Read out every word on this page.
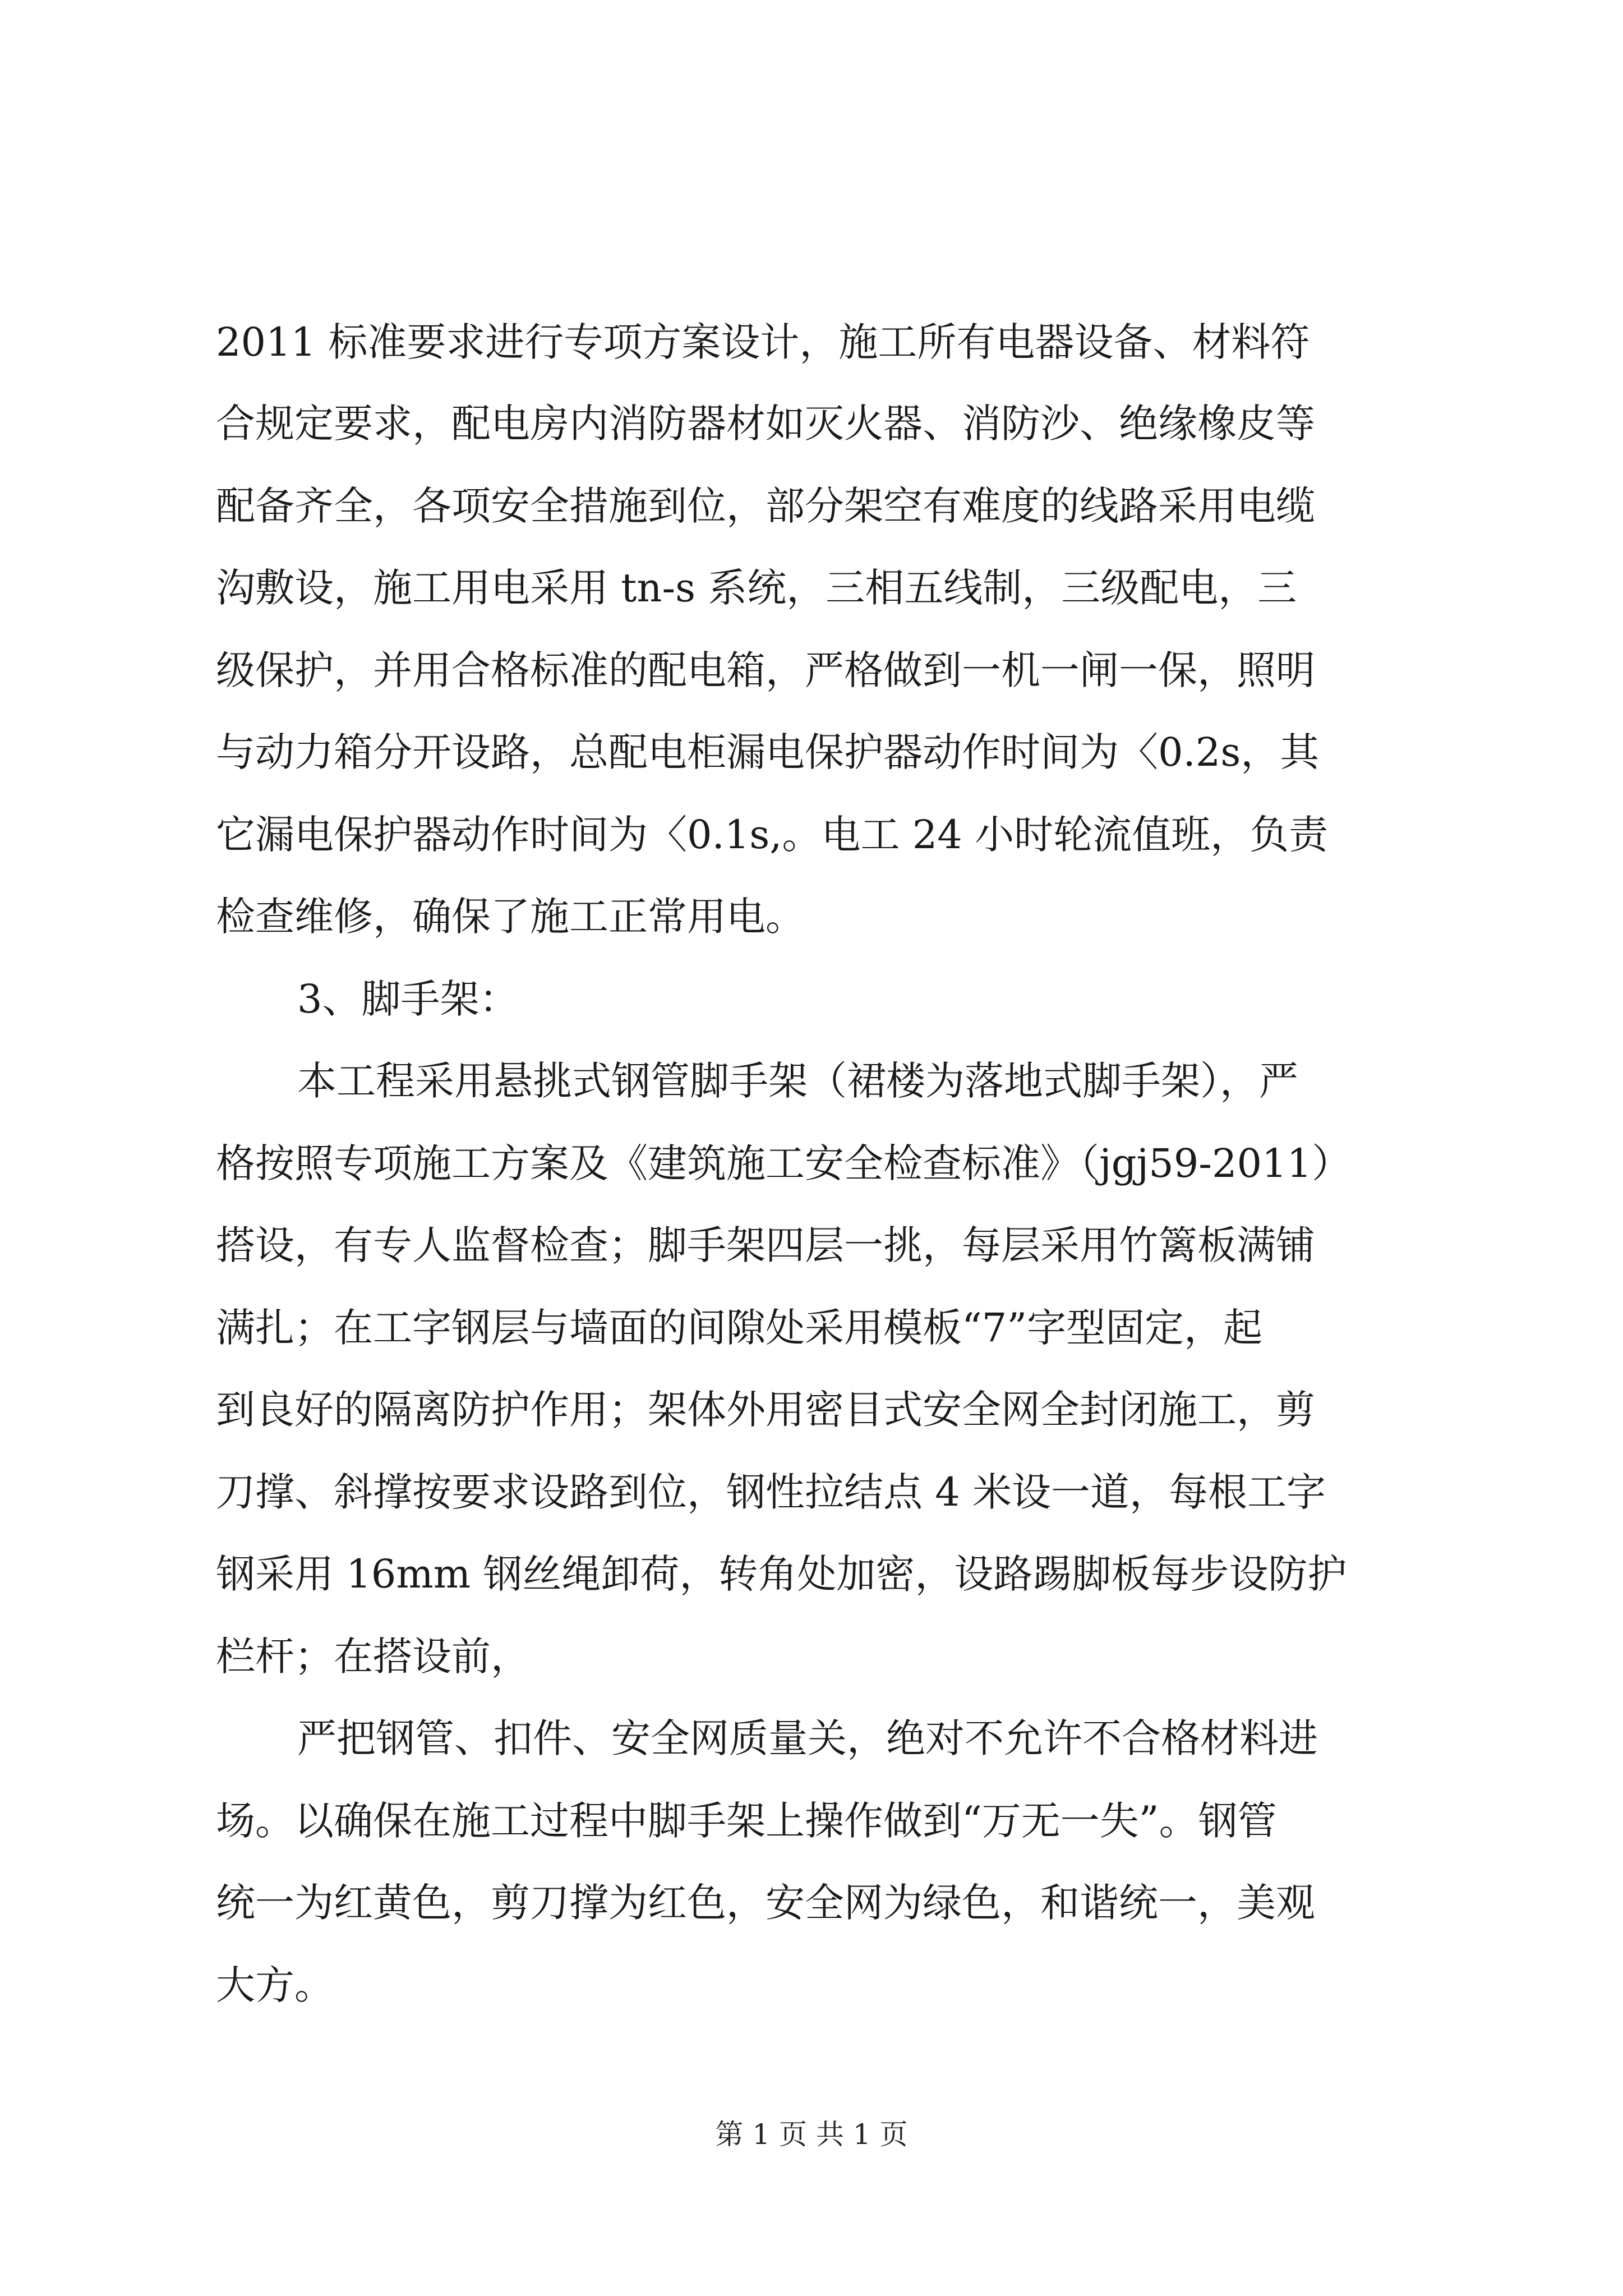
2011 标准要求进行专项方案设计，施工所有电器设备、材料符
合规定要求，配电房内消防器材如灭火器、消防沙、绝缘橡皮等
配备齐全，各项安全措施到位，部分架空有难度的线路采用电缆
沟敷设，施工用电采用 tn-s 系统，三相五线制，三级配电，三
级保护，并用合格标准的配电箱，严格做到一机一闸一保，照明
与动力箱分开设路，总配电柜漏电保护器动作时间为〈0.2s，其
它漏电保护器动作时间为〈0.1s,。电工 24 小时轮流值班，负责
检查维修，确保了施工正常用电。
3、脚手架：
本工程采用悬挑式钢管脚手架（裙楼为落地式脚手架），严
格按照专项施工方案及《建筑施工安全检查标准》（jgj59-2011）
搭设，有专人监督检查；脚手架四层一挑，每层采用竹篱板满铺
满扎；在工字钢层与墙面的间隙处采用模板“7”字型固定，起
到良好的隔离防护作用；架体外用密目式安全网全封闭施工，剪
刀撑、斜撑按要求设路到位，钢性拉结点 4 米设一道，每根工字
钢采用 16mm 钢丝绳卸荷，转角处加密，设路踢脚板每步设防护
栏杆；在搭设前，
严把钢管、扣件、安全网质量关，绝对不允许不合格材料进
场。以确保在施工过程中脚手架上操作做到“万无一失”。钢管
统一为红黄色，剪刀撑为红色，安全网为绿色，和谐统一，美观
大方。
第 1 页 共 1 页
